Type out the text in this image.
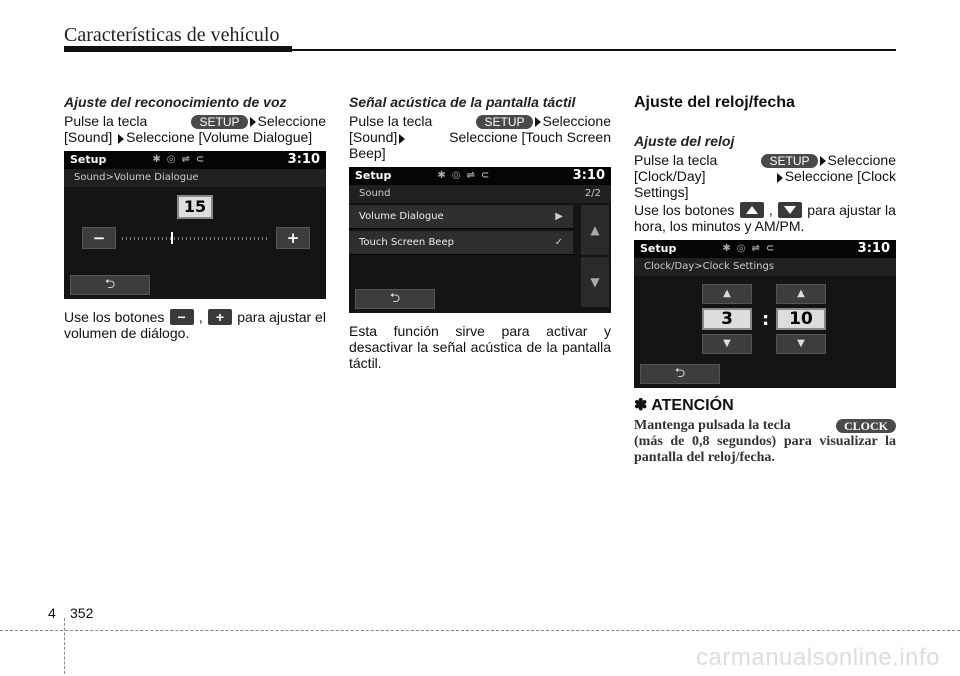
Características de vehículo
Ajuste del reconocimiento de voz
Pulse la tecla	SETUP Seleccione
[Sound] Seleccione [Volume Dialogue]
Setup	✱◎⇌⊂	3:10
Sound>Volume Dialogue
15
−	+
⮌
Use los botones − , + para ajustar el
volumen de diálogo.
Señal acústica de la pantalla táctil
Pulse la tecla	SETUP Seleccione
[Sound]	Seleccione [Touch Screen
Beep]
Setup	✱◎⇌⊂	3:10
Sound	2/2
Volume Dialogue	▶
Touch Screen Beep	✓
▲
▼
⮌

Esta función sirve para activar y desactivar la señal acústica de la pantalla táctil.

Ajuste del reloj/fecha
Ajuste del reloj
Pulse la tecla	SETUP Seleccione
[Clock/Day]	Seleccione [Clock
Settings]
Use los botones , para ajustar la
hora, los minutos y AM/PM.
Setup	✱◎⇌⊂	3:10
Clock/Day>Clock Settings
▲
3
▼
:
▲
10
▼
⮌
✽ ATENCIÓN
Mantenga pulsada la tecla	CLOCK
(más de 0,8 segundos) para visualizar la pantalla del reloj/fecha.
4 352
carmanualsonline.info
